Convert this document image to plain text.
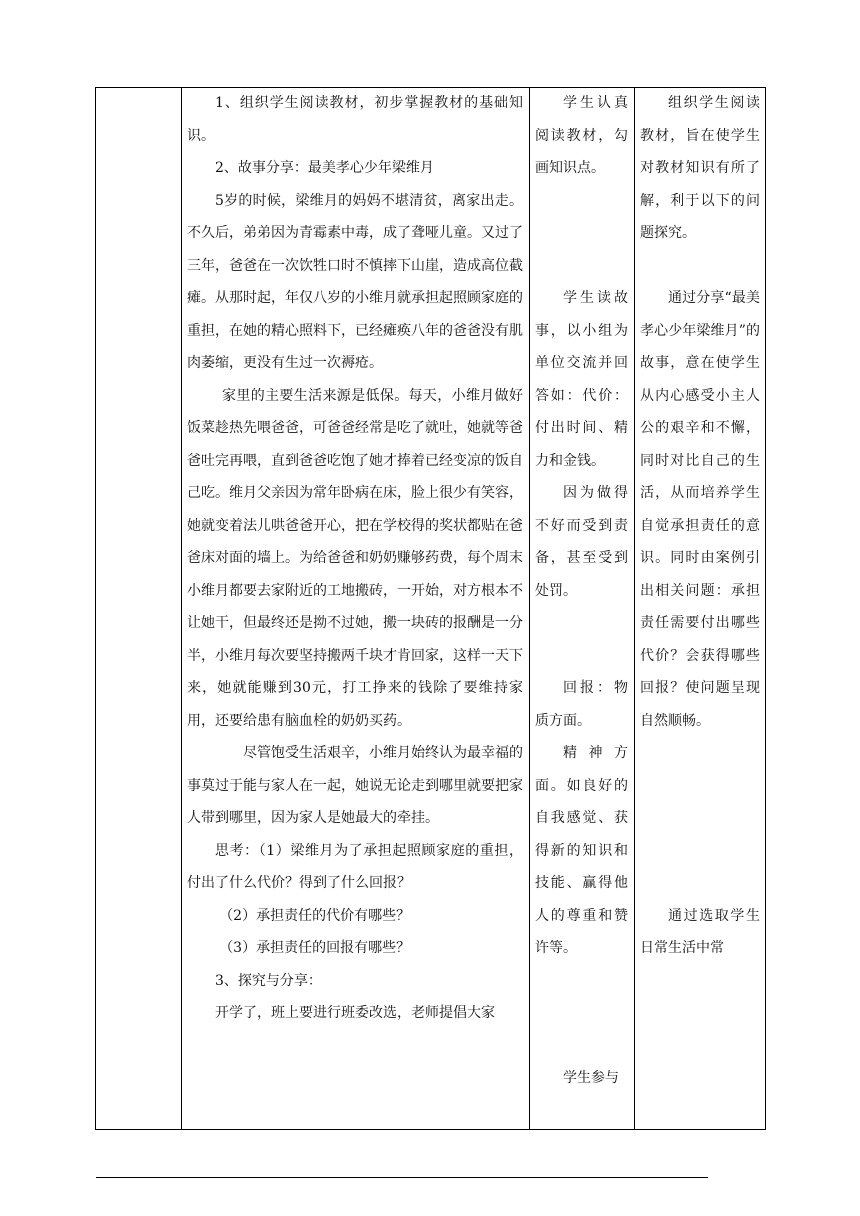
1、组织学生阅读教材，初步掌握教材的基础知识。

2、故事分享：最美孝心少年梁维月

5岁的时候，梁维月的妈妈不堪清贫，离家出走。不久后，弟弟因为青霉素中毒，成了聋哑儿童。又过了三年，爸爸在一次饮牲口时不慎摔下山崖，造成高位截瘫。从那时起，年仅八岁的小维月就承担起照顾家庭的重担，在她的精心照料下，已经瘫痪八年的爸爸没有肌肉萎缩，更没有生过一次褥疮。

家里的主要生活来源是低保。每天，小维月做好饭菜趁热先喂爸爸，可爸爸经常是吃了就吐，她就等爸爸吐完再喂，直到爸爸吃饱了她才捧着已经变凉的饭自己吃。维月父亲因为常年卧病在床，脸上很少有笑容，她就变着法儿哄爸爸开心，把在学校得的奖状都贴在爸爸床对面的墙上。为给爸爸和奶奶赚够药费，每个周末小维月都要去家附近的工地搬砖，一开始，对方根本不让她干，但最终还是拗不过她，搬一块砖的报酬是一分半，小维月每次要坚持搬两千块才肯回家，这样一天下来，她就能赚到30元，打工挣来的钱除了要维持家用，还要给患有脑血栓的奶奶买药。

尽管饱受生活艰辛，小维月始终认为最幸福的事莫过于能与家人在一起，她说无论走到哪里就要把家人带到哪里，因为家人是她最大的牵挂。

思考：（1）梁维月为了承担起照顾家庭的重担，付出了什么代价？得到了什么回报？

（2）承担责任的代价有哪些？

（3）承担责任的回报有哪些？

3、探究与分享：

开学了，班上要进行班委改选，老师提倡大家

学生认真阅读教材，勾画知识点。

学生读故事，以小组为单位交流并回答如：代价：付出时间、精力和金钱。

因为做得不好而受到责备，甚至受到处罚。

回报：物质方面。

精神方面。如良好的自我感觉、获得新的知识和技能、赢得他人的尊重和赞许等。

学生参与

组织学生阅读教材，旨在使学生对教材知识有所了解，利于以下的问题探究。

通过分享“最美孝心少年梁维月”的故事，意在使学生从内心感受小主人公的艰辛和不懈，同时对比自己的生活，从而培养学生自觉承担责任的意识。同时由案例引出相关问题：承担责任需要付出哪些代价？会获得哪些回报？使问题呈现自然顺畅。

通过选取学生日常生活中常
